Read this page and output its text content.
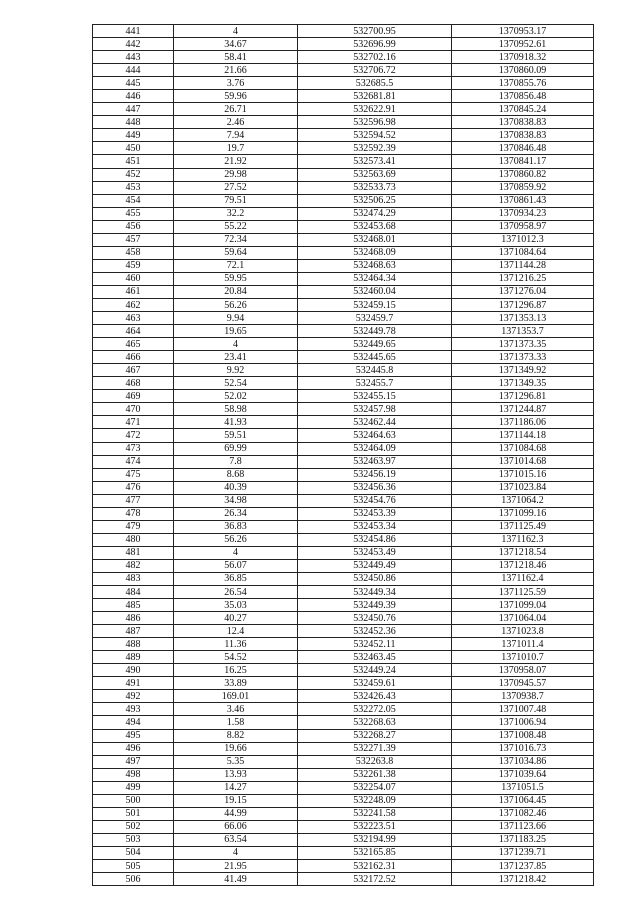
441	4	532700.95	1370953.17
442	34.67	532696.99	1370952.61
443	58.41	532702.16	1370918.32
444	21.66	532706.72	1370860.09
445	3.76	532685.5	1370855.76
446	59.96	532681.81	1370856.48
447	26.71	532622.91	1370845.24
448	2.46	532596.98	1370838.83
449	7.94	532594.52	1370838.83
450	19.7	532592.39	1370846.48
451	21.92	532573.41	1370841.17
452	29.98	532563.69	1370860.82
453	27.52	532533.73	1370859.92
454	79.51	532506.25	1370861.43
455	32.2	532474.29	1370934.23
456	55.22	532453.68	1370958.97
457	72.34	532468.01	1371012.3
458	59.64	532468.09	1371084.64
459	72.1	532468.63	1371144.28
460	59.95	532464.34	1371216.25
461	20.84	532460.04	1371276.04
462	56.26	532459.15	1371296.87
463	9.94	532459.7	1371353.13
464	19.65	532449.78	1371353.7
465	4	532449.65	1371373.35
466	23.41	532445.65	1371373.33
467	9.92	532445.8	1371349.92
468	52.54	532455.7	1371349.35
469	52.02	532455.15	1371296.81
470	58.98	532457.98	1371244.87
471	41.93	532462.44	1371186.06
472	59.51	532464.63	1371144.18
473	69.99	532464.09	1371084.68
474	7.8	532463.97	1371014.68
475	8.68	532456.19	1371015.16
476	40.39	532456.36	1371023.84
477	34.98	532454.76	1371064.2
478	26.34	532453.39	1371099.16
479	36.83	532453.34	1371125.49
480	56.26	532454.86	1371162.3
481	4	532453.49	1371218.54
482	56.07	532449.49	1371218.46
483	36.85	532450.86	1371162.4
484	26.54	532449.34	1371125.59
485	35.03	532449.39	1371099.04
486	40.27	532450.76	1371064.04
487	12.4	532452.36	1371023.8
488	11.36	532452.11	1371011.4
489	54.52	532463.45	1371010.7
490	16.25	532449.24	1370958.07
491	33.89	532459.61	1370945.57
492	169.01	532426.43	1370938.7
493	3.46	532272.05	1371007.48
494	1.58	532268.63	1371006.94
495	8.82	532268.27	1371008.48
496	19.66	532271.39	1371016.73
497	5.35	532263.8	1371034.86
498	13.93	532261.38	1371039.64
499	14.27	532254.07	1371051.5
500	19.15	532248.09	1371064.45
501	44.99	532241.58	1371082.46
502	66.06	532223.51	1371123.66
503	63.54	532194.99	1371183.25
504	4	532165.85	1371239.71
505	21.95	532162.31	1371237.85
506	41.49	532172.52	1371218.42
